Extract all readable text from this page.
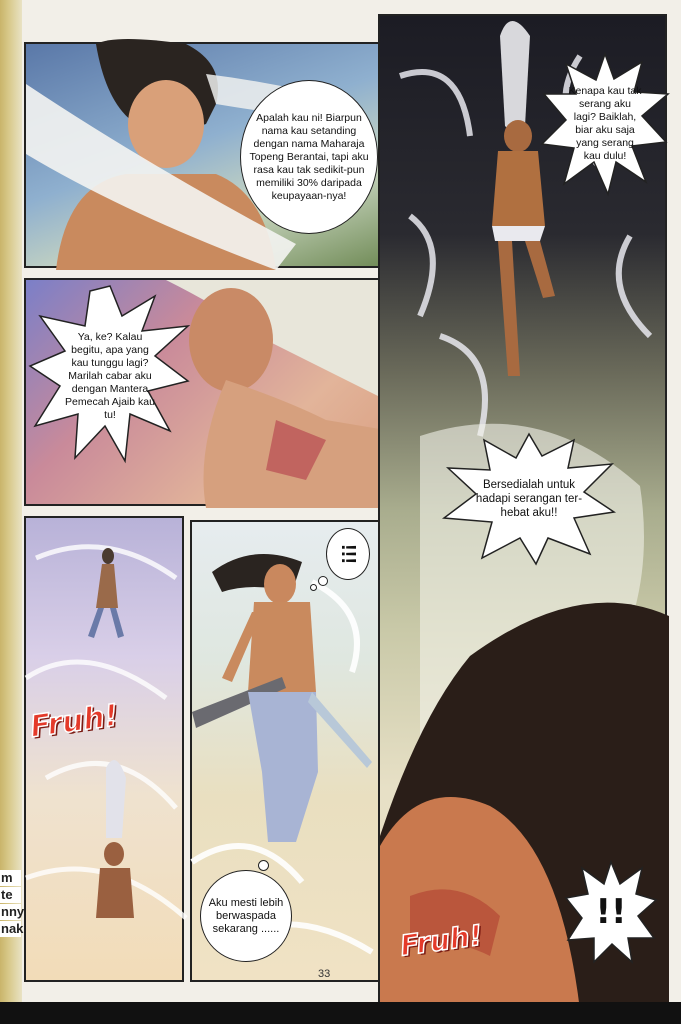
m
te
nny
nak
Apalah kau ni! Biarpun nama kau setanding dengan nama Maharaja Topeng Berantai, tapi aku rasa kau tak sedikit-pun memiliki 30% daripada keupayaan-nya!
Ya, ke? Kalau begitu, apa yang kau tunggu lagi? Marilah cabar aku dengan Mantera Pemecah Ajaib kau tu!
Kenapa kau tak serang aku lagi? Baiklah, biar aku saja yang serang kau dulu!
Bersedialah untuk hadapi serangan ter-hebat aku!!
Fruh!
!!
Fruh!
!!!
Aku mesti lebih berwaspada sekarang ......
33
